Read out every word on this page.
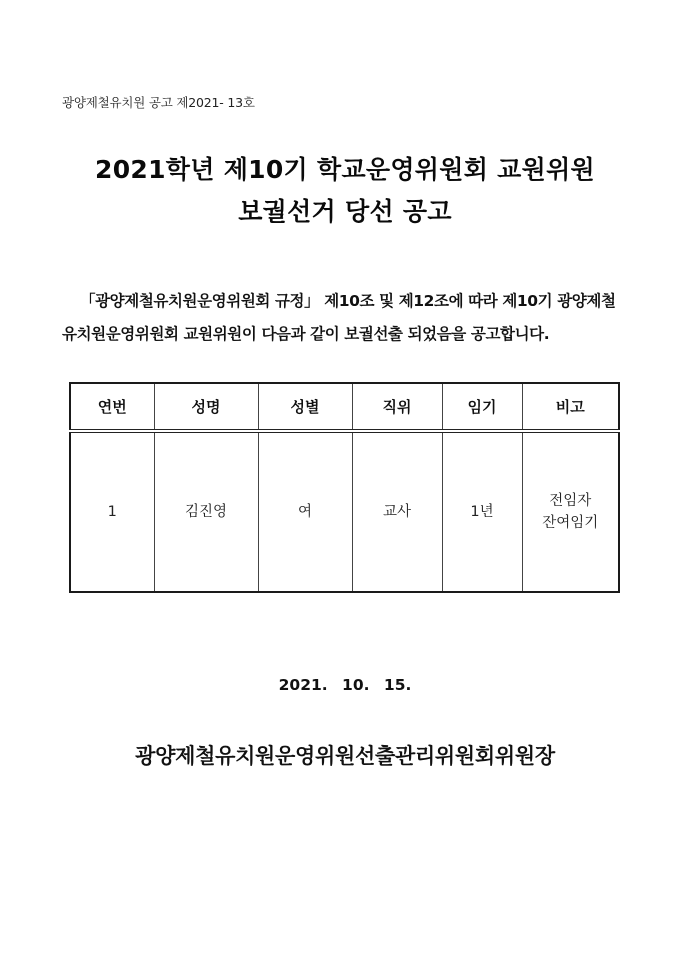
광양제철유치원 공고 제2021- 13호
2021학년 제10기 학교운영위원회 교원위원
보궐선거 당선 공고
「광양제철유치원운영위원회 규정」 제10조 및 제12조에 따라 제10기 광양제철
유치원운영위원회 교원위원이 다음과 같이 보궐선출 되었음을 공고합니다.
연번	성명	성별	직위	임기	비고
1	김진영	여	교사	1년	전임자
잔여임기
2021. 10. 15.
광양제철유치원운영위원선출관리위원회위원장
